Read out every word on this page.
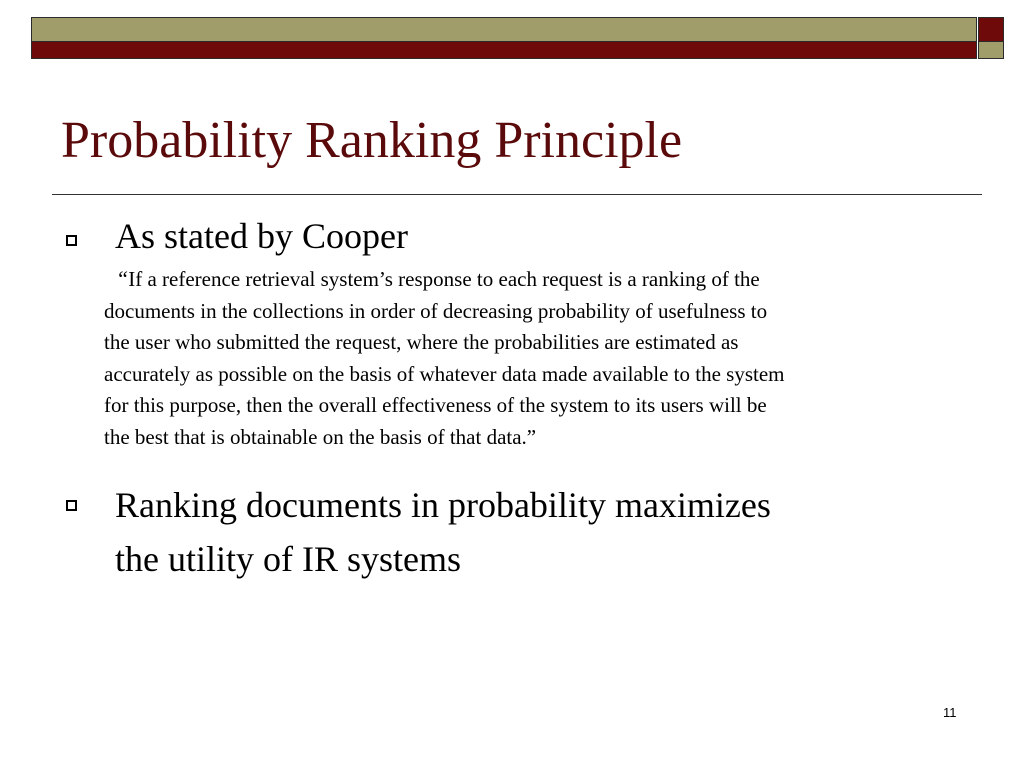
Probability Ranking Principle
As stated by Cooper
“If a reference retrieval system’s response to each request is a ranking of the
documents in the collections in order of decreasing probability of usefulness to
the user who submitted the request, where the probabilities are estimated as
accurately as possible on the basis of whatever data made available to the system
for this purpose, then the overall effectiveness of the system to its users will be
the best that is obtainable on the basis of that data.”
Ranking documents in probability maximizes
the utility of IR systems
11
